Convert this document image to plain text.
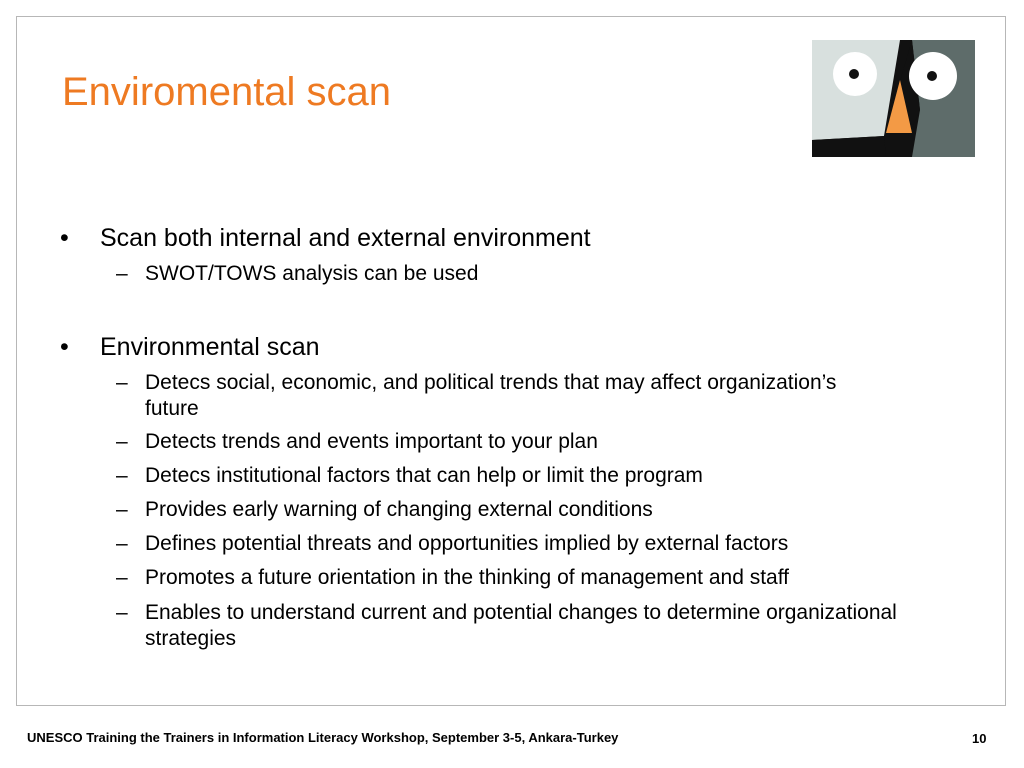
Enviromental scan
• Scan both internal and external environment
– SWOT/TOWS analysis can be used
• Environmental scan
– Detecs social, economic, and political trends that may affect organization’s future
– Detects trends and events important to your plan
– Detecs institutional factors that can help or limit the program
– Provides early warning of changing external conditions
– Defines potential threats and opportunities implied by external factors
– Promotes a future orientation in the thinking of management and staff
– Enables to understand current and potential changes to determine organizational strategies
UNESCO Training the Trainers in Information Literacy Workshop, September 3-5, Ankara-Turkey	10
